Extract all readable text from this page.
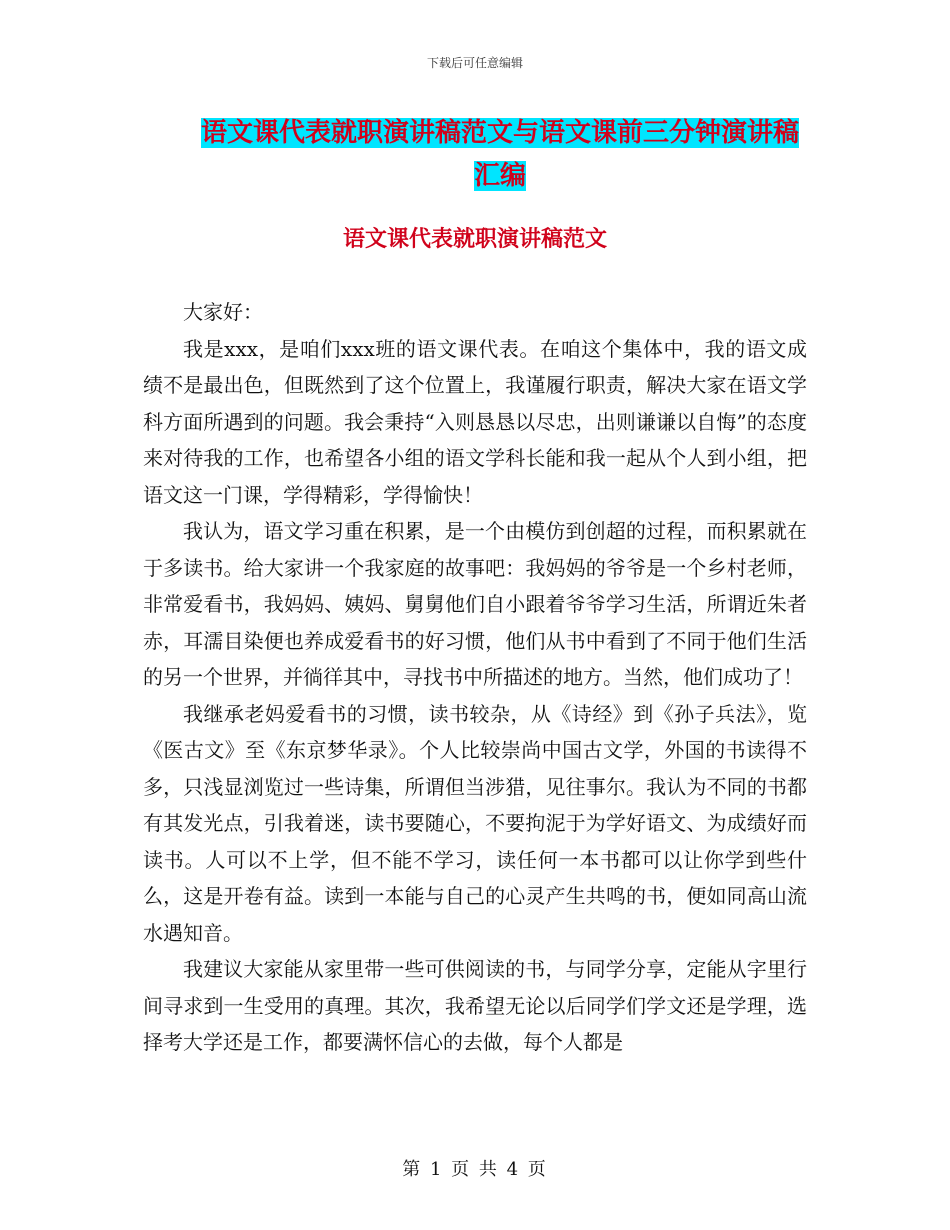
下载后可任意编辑
语文课代表就职演讲稿范文与语文课前三分钟演讲稿
汇编
语文课代表就职演讲稿范文

大家好：

我是xxx，是咱们xxx班的语文课代表。在咱这个集体中，我的语文成绩不是最出色，但既然到了这个位置上，我谨履行职责，解决大家在语文学科方面所遇到的问题。我会秉持“入则恳恳以尽忠，出则谦谦以自悔”的态度来对待我的工作，也希望各小组的语文学科长能和我一起从个人到小组，把语文这一门课，学得精彩，学得愉快！

我认为，语文学习重在积累，是一个由模仿到创超的过程，而积累就在于多读书。给大家讲一个我家庭的故事吧：我妈妈的爷爷是一个乡村老师，非常爱看书，我妈妈、姨妈、舅舅他们自小跟着爷爷学习生活，所谓近朱者赤，耳濡目染便也养成爱看书的好习惯，他们从书中看到了不同于他们生活的另一个世界，并徜徉其中，寻找书中所描述的地方。当然，他们成功了！

我继承老妈爱看书的习惯，读书较杂，从《诗经》到《孙子兵法》，览《医古文》至《东京梦华录》。个人比较崇尚中国古文学，外国的书读得不多，只浅显浏览过一些诗集，所谓但当涉猎，见往事尔。我认为不同的书都有其发光点，引我着迷，读书要随心，不要拘泥于为学好语文、为成绩好而读书。人可以不上学，但不能不学习，读任何一本书都可以让你学到些什么，这是开卷有益。读到一本能与自己的心灵产生共鸣的书，便如同高山流水遇知音。

我建议大家能从家里带一些可供阅读的书，与同学分享，定能从字里行间寻求到一生受用的真理。其次，我希望无论以后同学们学文还是学理，选择考大学还是工作，都要满怀信心的去做，每个人都是

第 1 页 共 4 页
